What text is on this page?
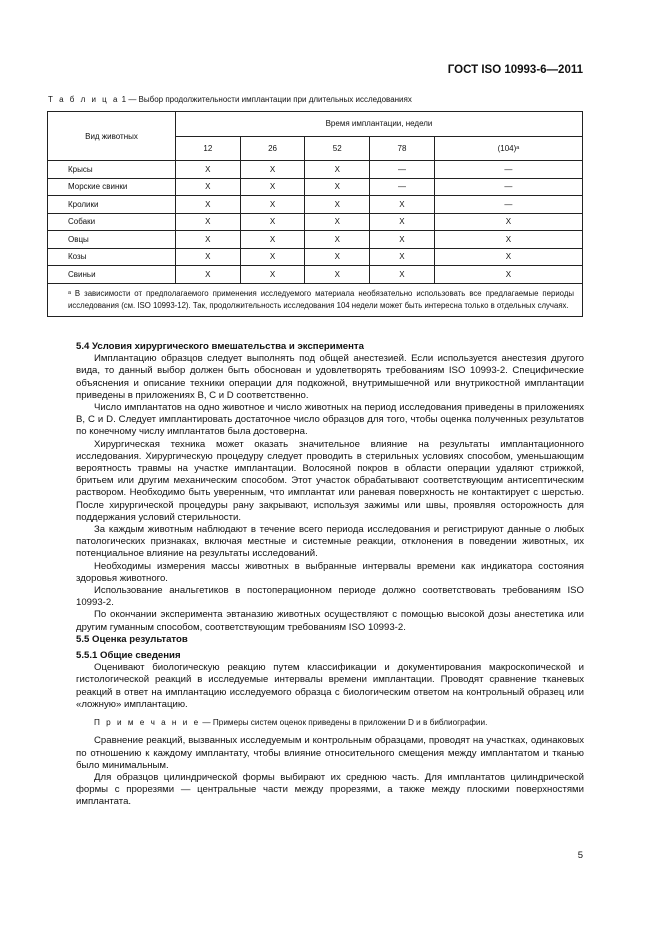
ГОСТ ISO 10993-6—2011
Т а б л и ц а 1 — Выбор продолжительности имплантации при длительных исследованиях
Вид животных	Время имплантации, недели				
	12	26	52	78	(104)ᵃ
Крысы	X	X	X	—	—
Морские свинки	X	X	X	—	—
Кролики	X	X	X	X	—
Собаки	X	X	X	X	X
Овцы	X	X	X	X	X
Козы	X	X	X	X	X
Свиньи	X	X	X	X	X
ᵃ В зависимости от предполагаемого применения исследуемого материала необязательно использовать все предлагаемые периоды исследования (см. ISO 10993-12). Так, продолжительность исследования 104 недели может быть интересна только в отдельных случаях.					

5.4 Условия хирургического вмешательства и эксперимента

Имплантацию образцов следует выполнять под общей анестезией. Если используется анестезия другого вида, то данный выбор должен быть обоснован и удовлетворять требованиям ISO 10993-2. Специфические объяснения и описание техники операции для подкожной, внутримышечной или внутрикостной имплантации приведены в приложениях В, С и D соответственно.

Число имплантатов на одно животное и число животных на период исследования приведены в приложениях В, С и D. Следует имплантировать достаточное число образцов для того, чтобы оценка полученных результатов по конечному числу имплантатов была достоверна.

Хирургическая техника может оказать значительное влияние на результаты имплантационного исследования. Хирургическую процедуру следует проводить в стерильных условиях способом, уменьшающим вероятность травмы на участке имплантации. Волосяной покров в области операции удаляют стрижкой, бритьем или другим механическим способом. Этот участок обрабатывают соответствующим антисептическим раствором. Необходимо быть уверенным, что имплантат или раневая поверхность не контактирует с шерстью. После хирургической процедуры рану закрывают, используя зажимы или швы, проявляя осторожность для поддержания условий стерильности.

За каждым животным наблюдают в течение всего периода исследования и регистрируют данные о любых патологических признаках, включая местные и системные реакции, отклонения в поведении животных, их потенциальное влияние на результаты исследований.

Необходимы измерения массы животных в выбранные интервалы времени как индикатора состояния здоровья животного.

Использование анальгетиков в постоперационном периоде должно соответствовать требованиям ISO 10993-2.

По окончании эксперимента эвтаназию животных осуществляют с помощью высокой дозы анестетика или другим гуманным способом, соответствующим требованиям ISO 10993-2.

5.5 Оценка результатов

5.5.1 Общие сведения

Оценивают биологическую реакцию путем классификации и документирования макроскопической и гистологической реакций в исследуемые интервалы времени имплантации. Проводят сравнение тканевых реакций в ответ на имплантацию исследуемого образца с биологическим ответом на контрольный образец или «ложную» имплантацию.

П р и м е ч а н и е — Примеры систем оценок приведены в приложении D и в библиографии.

Сравнение реакций, вызванных исследуемым и контрольным образцами, проводят на участках, одинаковых по отношению к каждому имплантату, чтобы влияние относительного смещения между имплантатом и тканью было минимальным.

Для образцов цилиндрической формы выбирают их среднюю часть. Для имплантатов цилиндрической формы с прорезями — центральные части между прорезями, а также между плоскими поверхностями имплантата.

5
